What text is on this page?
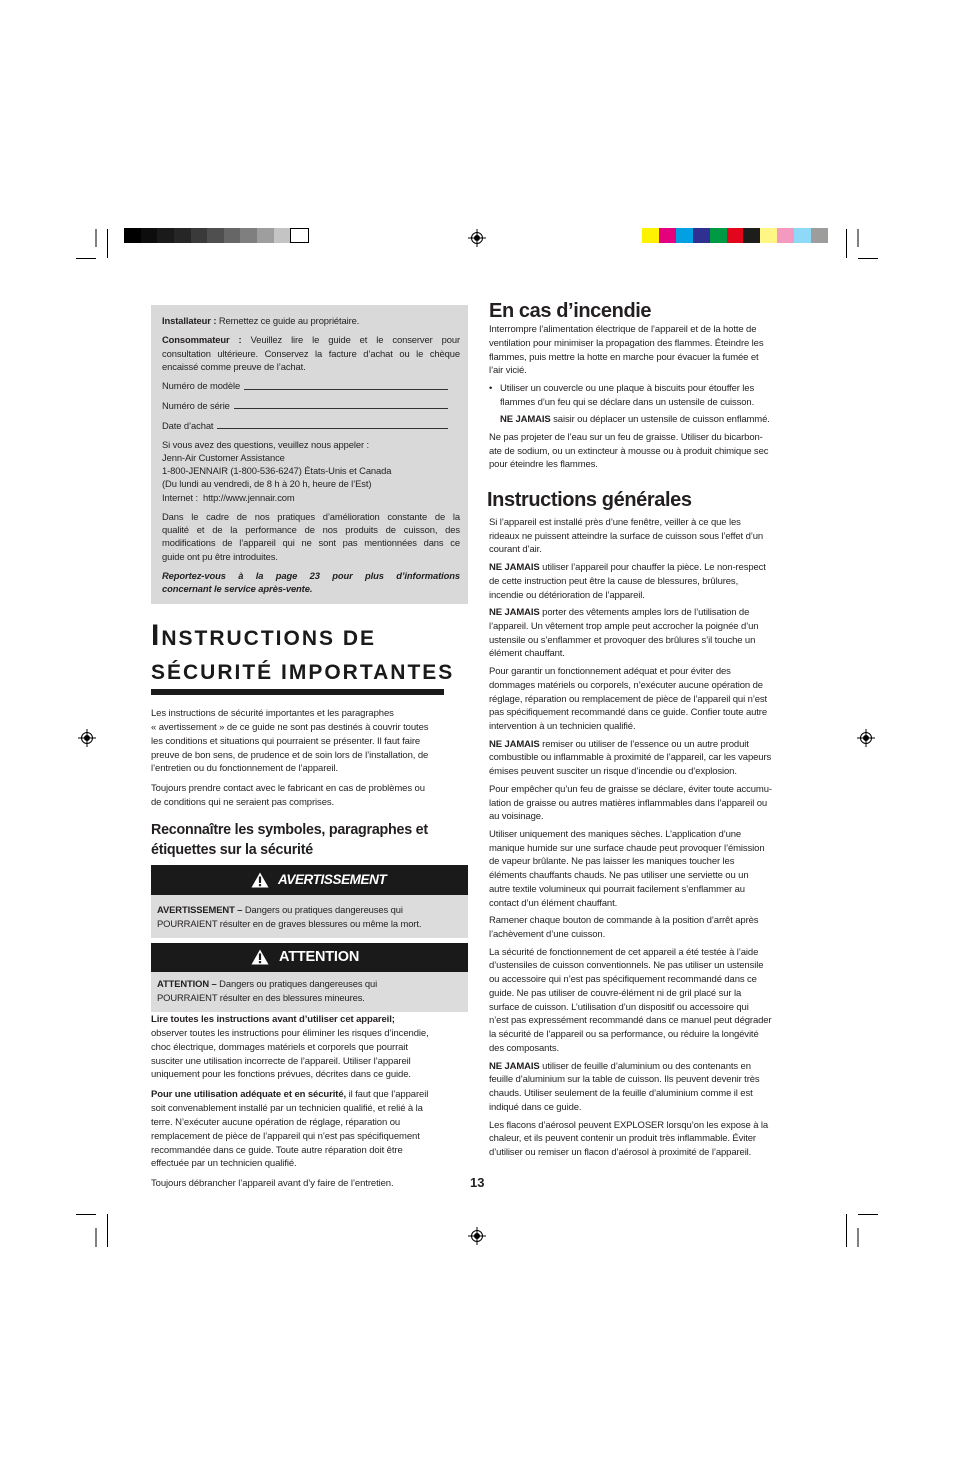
Installateur : Remettez ce guide au propriétaire.
Consommateur : Veuillez lire le guide et le conserver pour
consultation ultérieure. Conservez la facture d’achat ou le chèque
encaissé comme preuve de l’achat.
Numéro de modèle
Numéro de série
Date d’achat
Si vous avez des questions, veuillez nous appeler :
Jenn-Air Customer Assistance
1-800-JENNAIR (1-800-536-6247) États-Unis et Canada
(Du lundi au vendredi, de 8 h à 20 h, heure de l’Est)
Internet :  http://www.jennair.com
Dans le cadre de nos pratiques d’amélioration constante de la
qualité et de la performance de nos produits de cuisson, des
modifications de l’appareil qui ne sont pas mentionnées dans ce
guide ont pu être introduites.
Reportez-vous à la page 23 pour plus d’informations
concernant le service après-vente.
INSTRUCTIONS DE
SÉCURITÉ IMPORTANTES
Les instructions de sécurité importantes et les paragraphes
« avertissement » de ce guide ne sont pas destinés à couvrir toutes
les conditions et situations qui pourraient se présenter. Il faut faire
preuve de bon sens, de prudence et de soin lors de l’installation, de
l’entretien ou du fonctionnement de l’appareil.
Toujours prendre contact avec le fabricant en cas de problèmes ou
de conditions qui ne seraient pas comprises.
Reconnaître les symboles, paragraphes et
étiquettes sur la sécurité
AVERTISSEMENT
AVERTISSEMENT – Dangers ou pratiques dangereuses qui
POURRAIENT résulter en de graves blessures ou même la mort.
ATTENTION
ATTENTION – Dangers ou pratiques dangereuses qui
POURRAIENT résulter en des blessures mineures.
Lire toutes les instructions avant d’utiliser cet appareil;
observer toutes les instructions pour éliminer les risques d’incendie,
choc électrique, dommages matériels et corporels que pourrait
susciter une utilisation incorrecte de l’appareil. Utiliser l’appareil
uniquement pour les fonctions prévues, décrites dans ce guide.
Pour une utilisation adéquate et en sécurité, il faut que l’appareil
soit convenablement installé par un technicien qualifié, et relié à la
terre. N’exécuter aucune opération de réglage, réparation ou
remplacement de pièce de l’appareil qui n’est pas spécifiquement
recommandée dans ce guide. Toute autre réparation doit être
effectuée par un technicien qualifié.
Toujours débrancher l’appareil avant d’y faire de l’entretien.
En cas d’incendie
Interrompre l’alimentation électrique de l’appareil et de la hotte de
ventilation pour minimiser la propagation des flammes. Éteindre les
flammes, puis mettre la hotte en marche pour évacuer la fumée et
l’air vicié.
• Utiliser un couvercle ou une plaque à biscuits pour étouffer les
flammes d’un feu qui se déclare dans un ustensile de cuisson.
NE JAMAIS saisir ou déplacer un ustensile de cuisson enflammé.
Ne pas projeter de l’eau sur un feu de graisse. Utiliser du bicarbon-
ate de sodium, ou un extincteur à mousse ou à produit chimique sec
pour éteindre les flammes.
Instructions générales
Si l’appareil est installé près d’une fenêtre, veiller à ce que les
rideaux ne puissent atteindre la surface de cuisson sous l’effet d’un
courant d’air.
NE JAMAIS utiliser l’appareil pour chauffer la pièce. Le non-respect
de cette instruction peut être la cause de blessures, brûlures,
incendie ou détérioration de l’appareil.
NE JAMAIS porter des vêtements amples lors de l’utilisation de
l’appareil. Un vêtement trop ample peut accrocher la poignée d’un
ustensile ou s’enflammer et provoquer des brûlures s’il touche un
élément chauffant.
Pour garantir un fonctionnement adéquat et pour éviter des
dommages matériels ou corporels, n’exécuter aucune opération de
réglage, réparation ou remplacement de pièce de l’appareil qui n’est
pas spécifiquement recommandé dans ce guide. Confier toute autre
intervention à un technicien qualifié.
NE JAMAIS remiser ou utiliser de l’essence ou un autre produit
combustible ou inflammable à proximité de l’appareil, car les vapeurs
émises peuvent susciter un risque d’incendie ou d’explosion.
Pour empêcher qu’un feu de graisse se déclare, éviter toute accumu-
lation de graisse ou autres matières inflammables dans l’appareil ou
au voisinage.
Utiliser uniquement des maniques sèches. L’application d’une
manique humide sur une surface chaude peut provoquer l’émission
de vapeur brûlante. Ne pas laisser les maniques toucher les
éléments chauffants chauds. Ne pas utiliser une serviette ou un
autre textile volumineux qui pourrait facilement s’enflammer au
contact d’un élément chauffant.
Ramener chaque bouton de commande à la position d’arrêt après
l’achèvement d’une cuisson.
La sécurité de fonctionnement de cet appareil a été testée à l’aide
d’ustensiles de cuisson conventionnels. Ne pas utiliser un ustensile
ou accessoire qui n’est pas spécifiquement recommandé dans ce
guide. Ne pas utiliser de couvre-élément ni de gril placé sur la
surface de cuisson. L’utilisation d’un dispositif ou accessoire qui
n’est pas expressément recommandé dans ce manuel peut dégrader
la sécurité de l’appareil ou sa performance, ou réduire la longévité
des composants.
NE JAMAIS utiliser de feuille d’aluminium ou des contenants en
feuille d’aluminium sur la table de cuisson. Ils peuvent devenir très
chauds. Utiliser seulement de la feuille d’aluminium comme il est
indiqué dans ce guide.
Les flacons d’aérosol peuvent EXPLOSER lorsqu’on les expose à la
chaleur, et ils peuvent contenir un produit très inflammable. Éviter
d’utiliser ou remiser un flacon d’aérosol à proximité de l’appareil.
13
